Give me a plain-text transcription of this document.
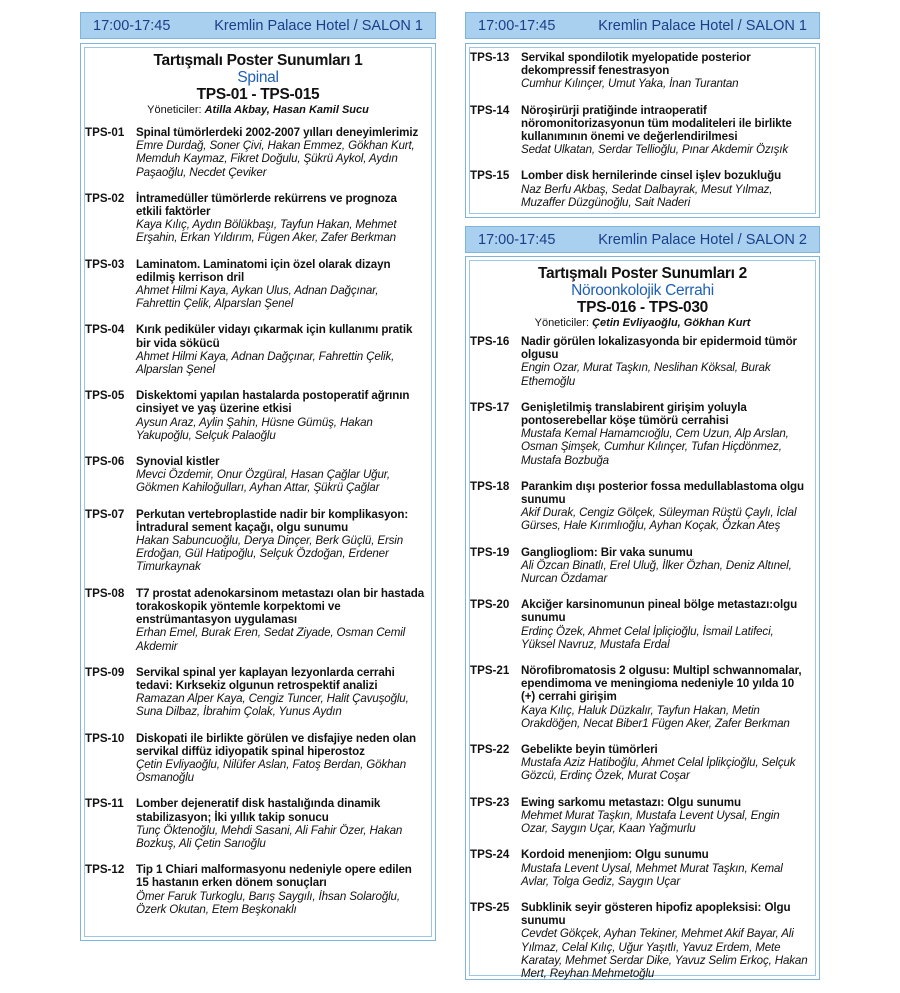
17:00-17:45	Kremlin Palace Hotel / SALON 1
Tartışmalı Poster Sunumları 1
Spinal
TPS-01 - TPS-015
Yöneticiler: Atilla Akbay, Hasan Kamil Sucu
TPS-01	Spinal tümörlerdeki 2002-2007 yılları deneyimlerimiz
Emre Durdağ, Soner Çivi, Hakan Emmez, Gökhan Kurt, Memduh Kaymaz, Fikret Doğulu, Şükrü Aykol, Aydın Paşaoğlu, Necdet Çeviker
TPS-02	İntramedüller tümörlerde rekürrens ve prognoza etkili faktörler
Kaya Kılıç, Aydın Bölükbaşı, Tayfun Hakan, Mehmet Erşahin, Erkan Yıldırım, Fügen Aker, Zafer Berkman
TPS-03	Laminatom. Laminatomi için özel olarak dizayn edilmiş kerrison dril
Ahmet Hilmi Kaya, Aykan Ulus, Adnan Dağçınar, Fahrettin Çelik, Alparslan Şenel
TPS-04	Kırık pediküler vidayı çıkarmak için kullanımı pratik bir vida sökücü
Ahmet Hilmi Kaya, Adnan Dağçınar, Fahrettin Çelik, Alparslan Şenel
TPS-05	Diskektomi yapılan hastalarda postoperatif ağrının cinsiyet ve yaş üzerine etkisi
Aysun Araz, Aylin Şahin, Hüsne Gümüş, Hakan Yakupoğlu, Selçuk Palaoğlu
TPS-06	Synovial kistler
Mevci Özdemir, Onur Özgüral, Hasan Çağlar Uğur, Gökmen Kahiloğulları, Ayhan Attar, Şükrü Çağlar
TPS-07	Perkutan vertebroplastide nadir bir komplikasyon: İntradural sement kaçağı, olgu sunumu
Hakan Sabuncuoğlu, Derya Dinçer, Berk Güçlü, Ersin Erdoğan, Gül Hatipoğlu, Selçuk Özdoğan, Erdener Timurkaynak
TPS-08	T7 prostat adenokarsinom metastazı olan bir hastada torakoskopik yöntemle korpektomi ve enstrümantasyon uygulaması
Erhan Emel, Burak Eren, Sedat Ziyade, Osman Cemil Akdemir
TPS-09	Servikal spinal yer kaplayan lezyonlarda cerrahi tedavi: Kırksekiz olgunun retrospektif analizi
Ramazan Alper Kaya, Cengiz Tuncer, Halit Çavuşoğlu, Suna Dilbaz, İbrahim Çolak, Yunus Aydın
TPS-10	Diskopati ile birlikte görülen ve disfajiye neden olan servikal diffüz idiyopatik spinal hiperostoz
Çetin Evliyaoğlu, Nilüfer Aslan, Fatoş Berdan, Gökhan Osmanoğlu
TPS-11	Lomber dejeneratif disk hastalığında dinamik stabilizasyon; İki yıllık takip sonucu
Tunç Öktenoğlu, Mehdi Sasani, Ali Fahir Özer, Hakan Bozkuş, Ali Çetin Sarıoğlu
TPS-12	Tip 1 Chiari malformasyonu nedeniyle opere edilen 15 hastanın erken dönem sonuçları
Ömer Faruk Turkoglu, Barış Saygılı, İhsan Solaroğlu, Özerk Okutan, Etem Beşkonaklı
17:00-17:45	Kremlin Palace Hotel / SALON 1
TPS-13	Servikal spondilotik myelopatide posterior dekompressif fenestrasyon
Cumhur Kılınçer, Umut Yaka, İnan Turantan
TPS-14	Nöroşirürji pratiğinde intraoperatif nöromonitorizasyonun tüm modaliteleri ile birlikte kullanımının önemi ve değerlendirilmesi
Sedat Ulkatan, Serdar Tellioğlu, Pınar Akdemir Özışık
TPS-15	Lomber disk hernilerinde cinsel işlev bozukluğu
Naz Berfu Akbaş, Sedat Dalbayrak, Mesut Yılmaz, Muzaffer Düzgünoğlu, Sait Naderi
17:00-17:45	Kremlin Palace Hotel / SALON 2
Tartışmalı Poster Sunumları 2
Nöroonkolojik Cerrahi
TPS-016 - TPS-030
Yöneticiler: Çetin Evliyaoğlu, Gökhan Kurt
TPS-16	Nadir görülen lokalizasyonda bir epidermoid tümör olgusu
Engin Ozar, Murat Taşkın, Neslihan Köksal, Burak Ethemoğlu
TPS-17	Genişletilmiş translabirent girişim yoluyla pontoserebellar köşe tümörü cerrahisi
Mustafa Kemal Hamamcıoğlu, Cem Uzun, Alp Arslan, Osman Şimşek, Cumhur Kılınçer, Tufan Hiçdönmez, Mustafa Bozbuğa
TPS-18	Parankim dışı posterior fossa medullablastoma olgu sunumu
Akif Durak, Cengiz Gölçek, Süleyman Rüştü Çaylı, İclal Gürses, Hale Kırımlıoğlu, Ayhan Koçak, Özkan Ateş
TPS-19	Gangliogliom: Bir vaka sunumu
Ali Özcan Binatlı, Erel Uluğ, İlker Özhan, Deniz Altınel, Nurcan Özdamar
TPS-20	Akciğer karsinomunun pineal bölge metastazı:olgu sunumu
Erdinç Özek, Ahmet Celal İpliçioğlu, İsmail Latifeci, Yüksel Navruz, Mustafa Erdal
TPS-21	Nörofibromatosis 2 olgusu: Multipl schwannomalar, ependimoma ve meningioma nedeniyle 10 yılda 10 (+) cerrahi girişim
Kaya Kılıç, Haluk Düzkalır, Tayfun Hakan, Metin Orakdöğen, Necat Biber1 Fügen Aker, Zafer Berkman
TPS-22	Gebelikte beyin tümörleri
Mustafa Aziz Hatiboğlu, Ahmet Celal İplikçioğlu, Selçuk Gözcü, Erdinç Özek, Murat Coşar
TPS-23	Ewing sarkomu metastazı: Olgu sunumu
Mehmet Murat Taşkın, Mustafa Levent Uysal, Engin Ozar, Saygın Uçar, Kaan Yağmurlu
TPS-24	Kordoid menenjiom: Olgu sunumu
Mustafa Levent Uysal, Mehmet Murat Taşkın, Kemal Avlar, Tolga Gediz, Saygın Uçar
TPS-25	Subklinik seyir gösteren hipofiz apopleksisi: Olgu sunumu
Cevdet Gökçek, Ayhan Tekiner, Mehmet Akif Bayar, Ali Yılmaz, Celal Kılıç, Uğur Yaşıtlı, Yavuz Erdem, Mete Karatay, Mehmet Serdar Dike, Yavuz Selim Erkoç, Hakan Mert, Reyhan Mehmetoğlu
